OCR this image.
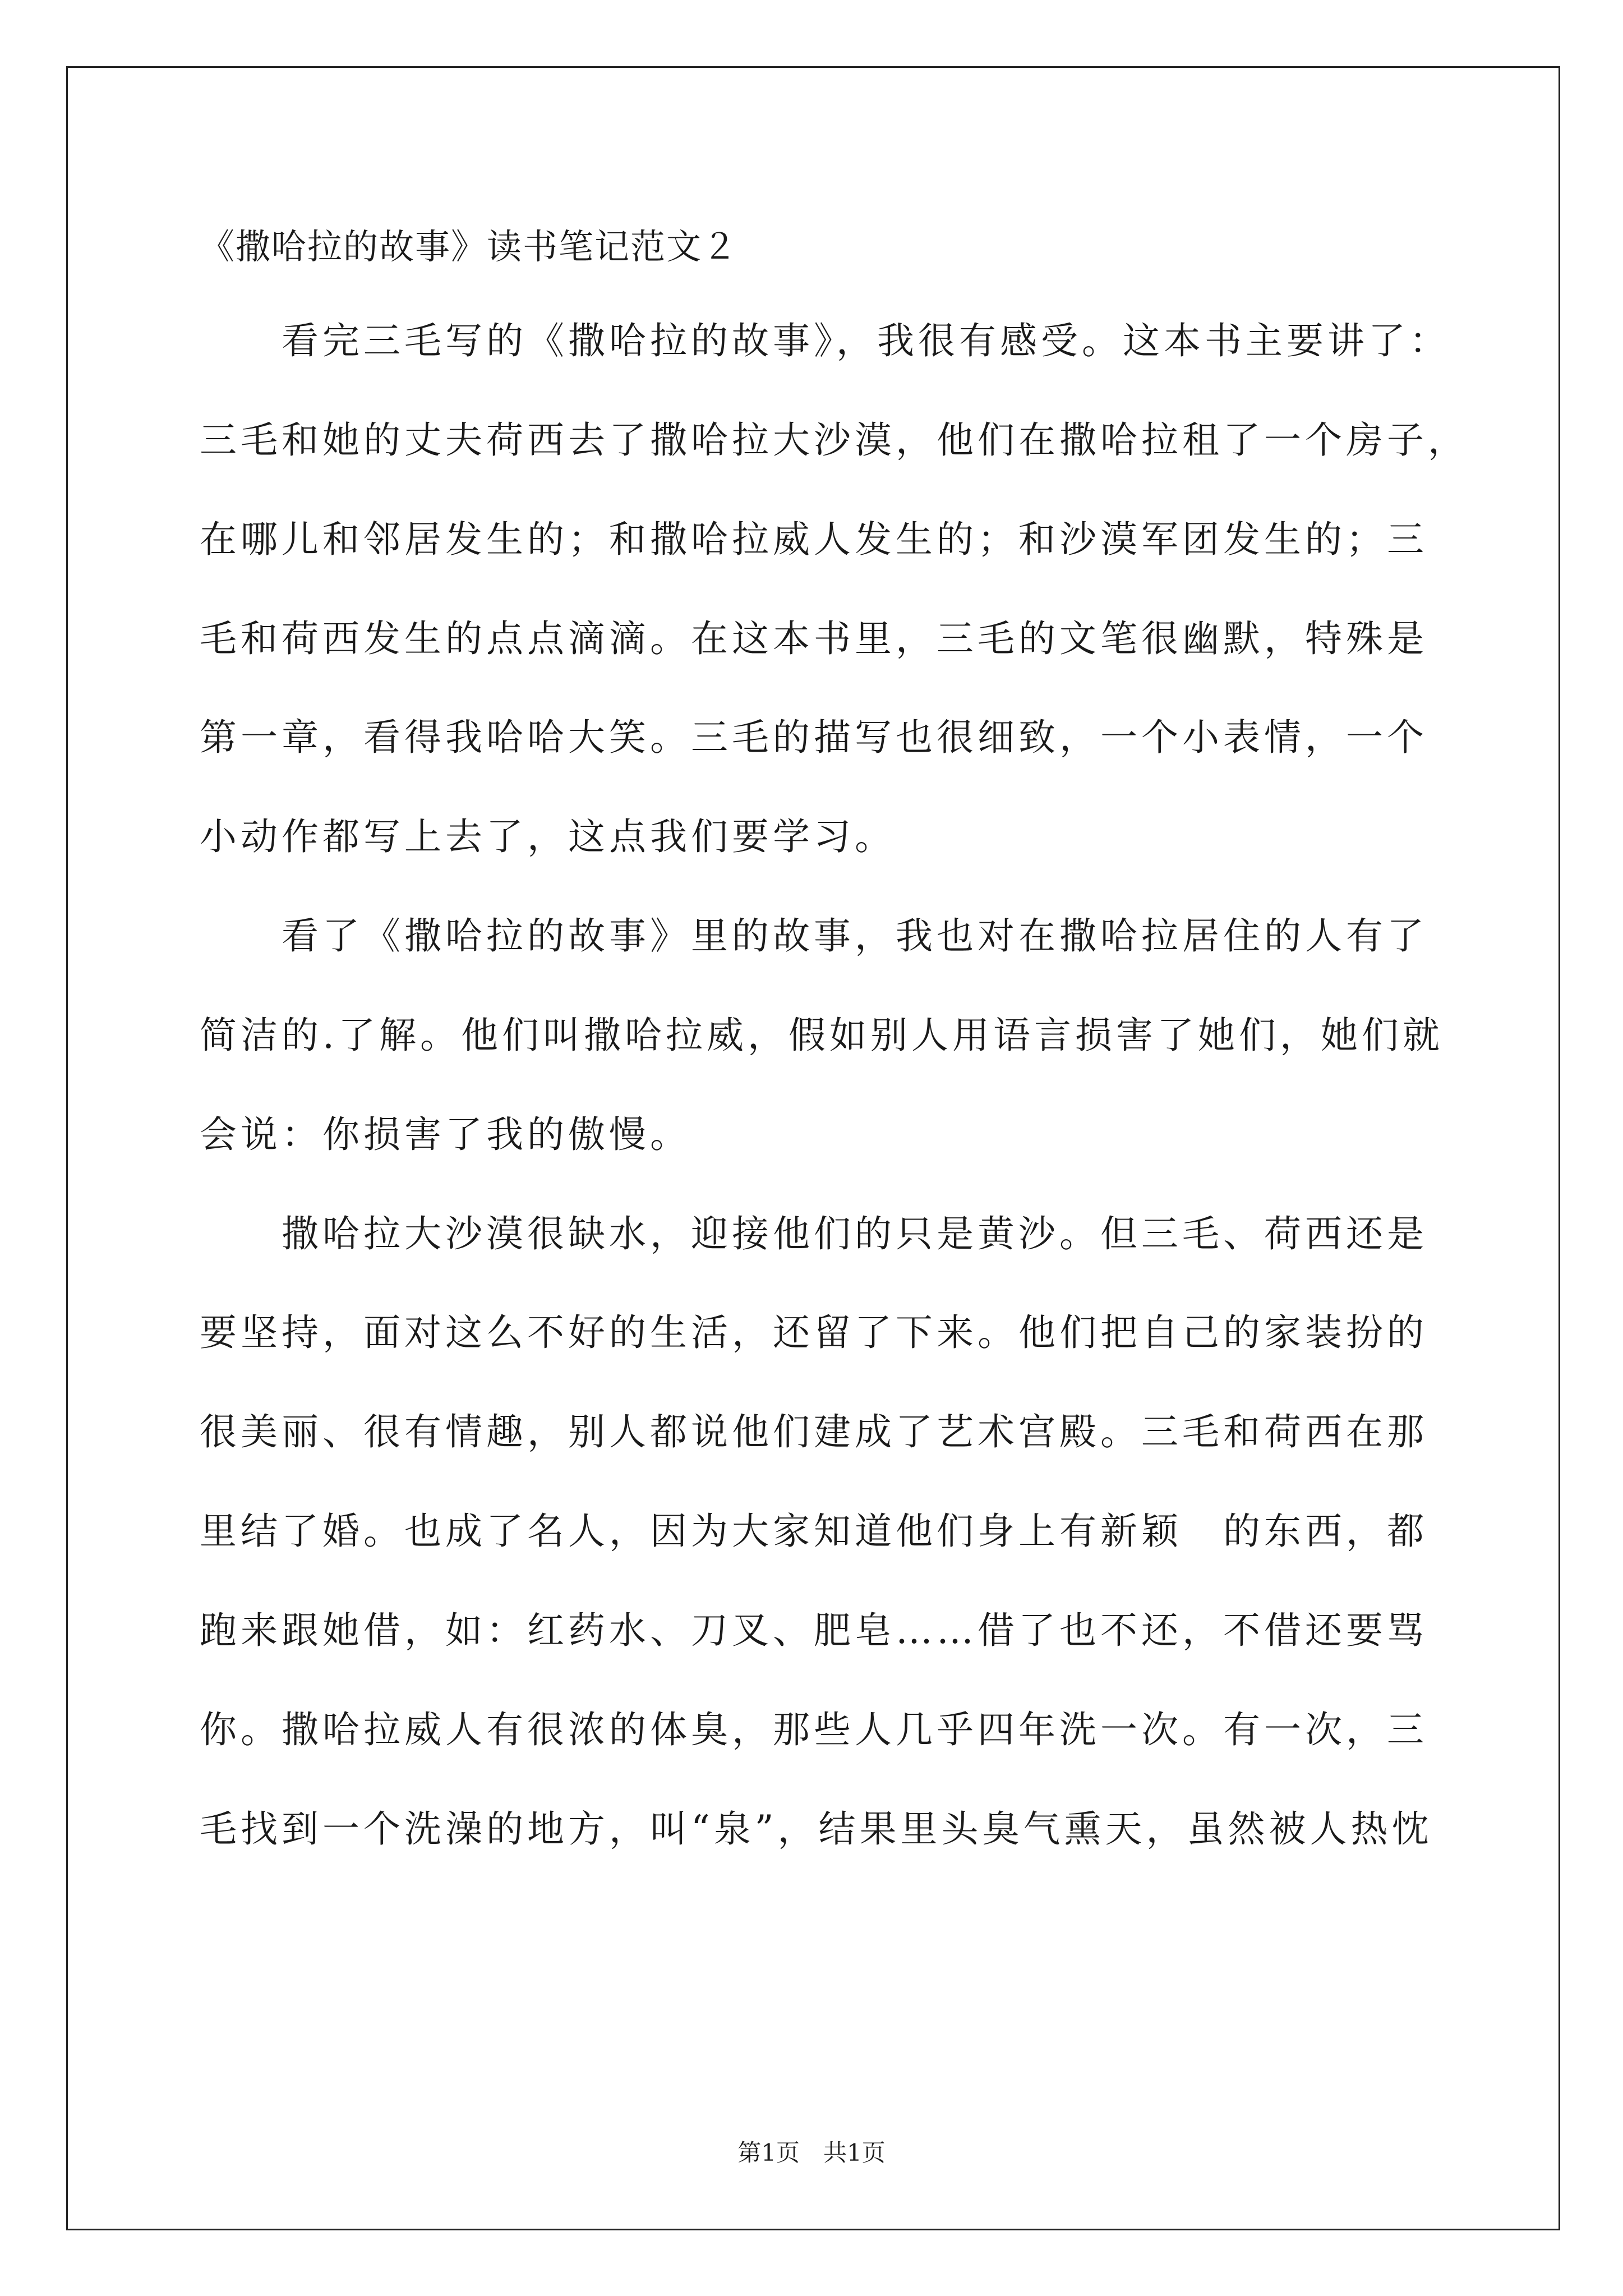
《撒哈拉的故事》读书笔记范文２
看完三毛写的《撒哈拉的故事》，我很有感受。这本书主要讲了：
三毛和她的丈夫荷西去了撒哈拉大沙漠，他们在撒哈拉租了一个房子，
在哪儿和邻居发生的；和撒哈拉威人发生的；和沙漠军团发生的；三
毛和荷西发生的点点滴滴。在这本书里，三毛的文笔很幽默，特殊是
第一章，看得我哈哈大笑。三毛的描写也很细致，一个小表情，一个
小动作都写上去了，这点我们要学习。
看了《撒哈拉的故事》里的故事，我也对在撒哈拉居住的人有了
简洁的.了解。他们叫撒哈拉威，假如别人用语言损害了她们，她们就
会说：你损害了我的傲慢。
撒哈拉大沙漠很缺水，迎接他们的只是黄沙。但三毛、荷西还是
要坚持，面对这么不好的生活，还留了下来。他们把自己的家装扮的
很美丽、很有情趣，别人都说他们建成了艺术宫殿。三毛和荷西在那
里结了婚。也成了名人，因为大家知道他们身上有新颖　的东西，都
跑来跟她借，如：红药水、刀叉、肥皂……借了也不还，不借还要骂
你。撒哈拉威人有很浓的体臭，那些人几乎四年洗一次。有一次，三
毛找到一个洗澡的地方，叫“泉”，结果里头臭气熏天，虽然被人热忱
第1页　共1页
